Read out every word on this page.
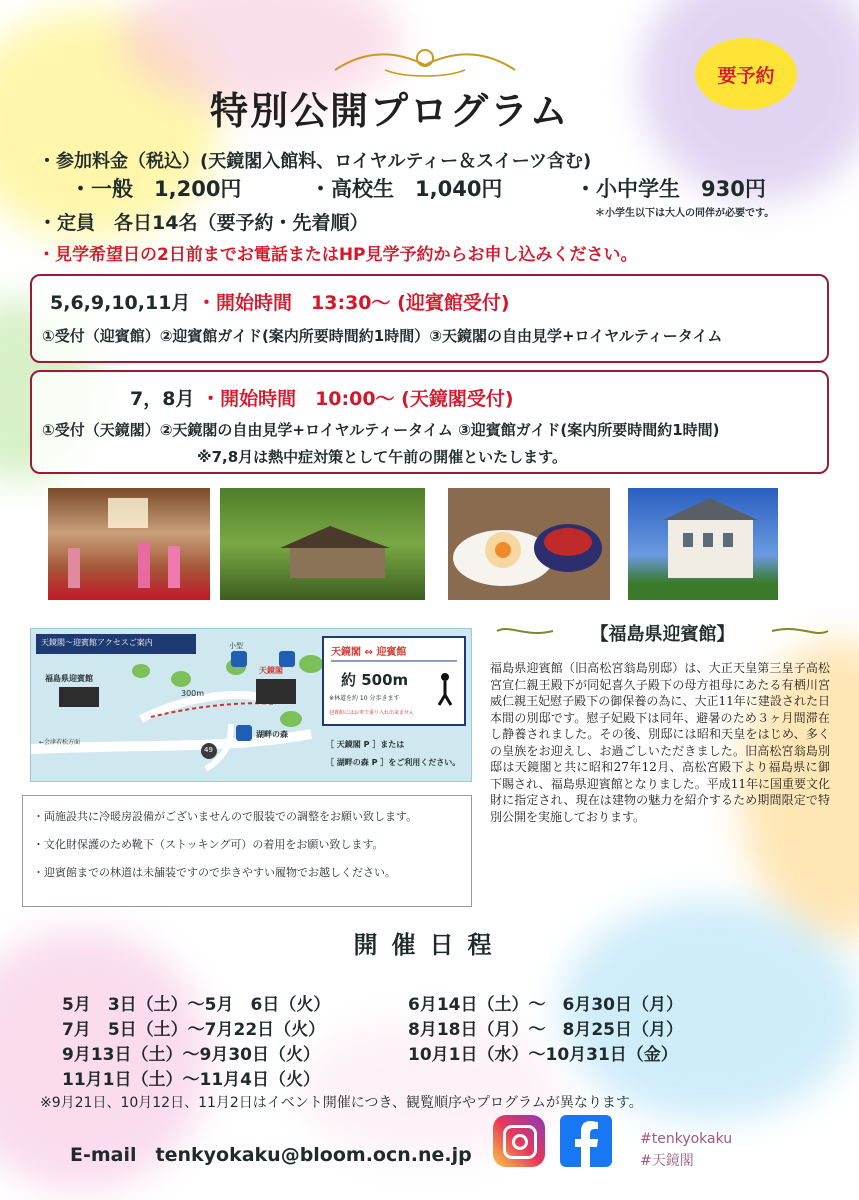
特別公開プログラム
要予約
・参加料金（税込）(天鏡閣入館料、ロイヤルティー＆スイーツ含む)
・一般　1,200円	・高校生　1,040円	・小中学生　930円
＊小学生以下は大人の同伴が必要です。
・定員　各日14名（要予約・先着順）
・見学希望日の2日前までお電話またはHP見学予約からお申し込みください。
5,6,9,10,11月 ・開始時間　13:30〜 (迎賓館受付)
①受付（迎賓館）②迎賓館ガイド(案内所要時間約1時間）③天鏡閣の自由見学+ロイヤルティータイム
7，8月 ・開始時間　10:00〜 (天鏡閣受付)
①受付（天鏡閣）②天鏡閣の自由見学+ロイヤルティータイム ③迎賓館ガイド(案内所要時間約1時間)
※7,8月は熱中症対策として午前の開催といたします。
天鏡閣〜迎賓館アクセスご案内
福島県迎賓館
天鏡閣
小型
300m
湖畔の森
←会津若松方面
49
天鏡閣 ⇔ 迎賓館
約 500m
※林道を約 10 分歩きます
迎賓館にはお車で乗り入れ出来ません
［ 天鏡閣 P ］または
［ 湖畔の森 P ］をご利用ください。
・両施設共に冷暖房設備がございませんので服装での調整をお願い致します。
・文化財保護のため靴下（ストッキング可）の着用をお願い致します。
・迎賓館までの林道は未舗装ですので歩きやすい履物でお越しください。
【福島県迎賓館】
福島県迎賓館（旧高松宮翁島別邸）は、大正天皇第三皇子高松宮宣仁親王殿下が同妃喜久子殿下の母方祖母にあたる有栖川宮威仁親王妃慰子殿下の御保養の為に、大正11年に建設された日本間の別邸です。慰子妃殿下は同年、避暑のため３ヶ月間滞在し静養されました。その後、別邸には昭和天皇をはじめ、多くの皇族をお迎えし、お過ごしいただきました。旧高松宮翁島別邸は天鏡閣と共に昭和27年12月、高松宮殿下より福島県に御下賜され、福島県迎賓館となりました。平成11年に国重要文化財に指定され、現在は建物の魅力を紹介するため期間限定で特別公開を実施しております。
開催日程
5月　3日（土）〜5月　6日（火）
7月　5日（土）〜7月22日（火）
9月13日（土）〜9月30日（火）
11月1日（土）〜11月4日（火）
6月14日（土）〜　6月30日（月）
8月18日（月）〜　8月25日（月）
10月1日（水）〜10月31日（金）
※9月21日、10月12日、11月2日はイベント開催につき、観覧順序やプログラムが異なります。
E-mail　tenkyokaku@bloom.ocn.ne.jp
#tenkyokaku
#天鏡閣
